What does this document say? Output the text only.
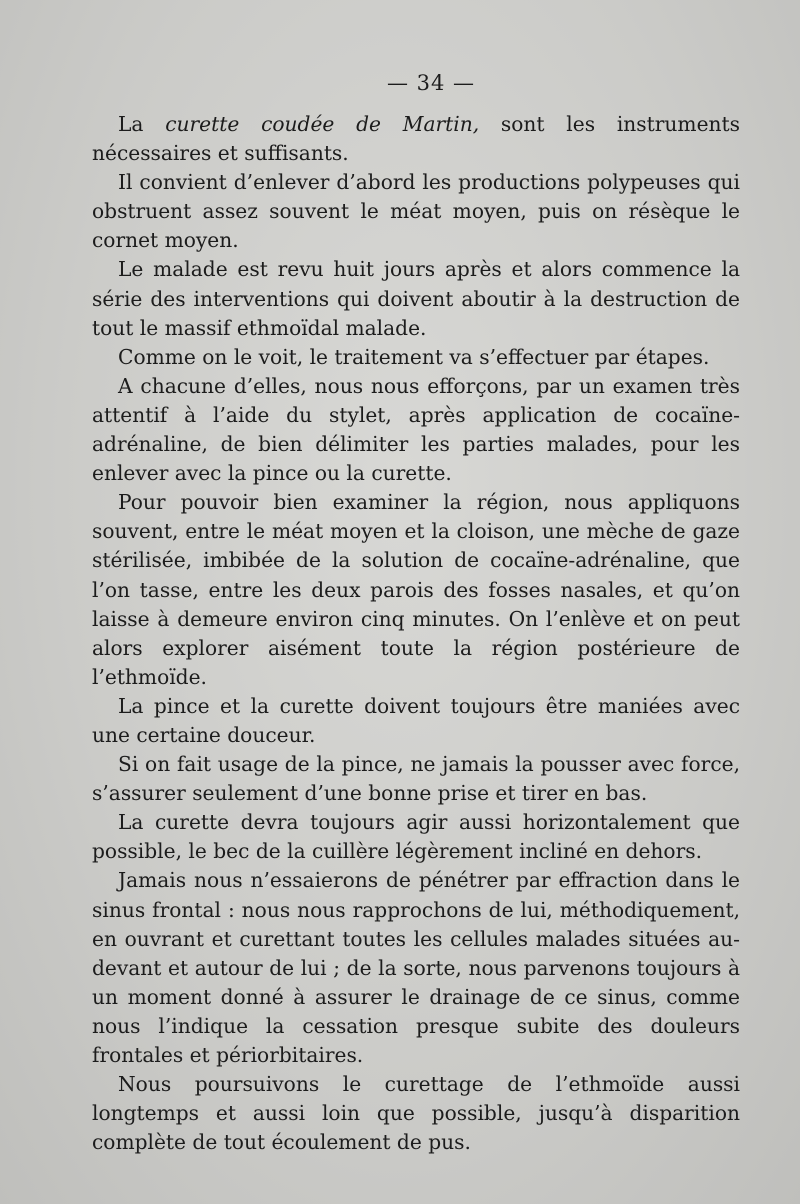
— 34 —

La curette coudée de Martin, sont les instruments nécessaires et suffisants.

Il convient d’enlever d’abord les productions polypeuses qui obstruent assez souvent le méat moyen, puis on résèque le cornet moyen.

Le malade est revu huit jours après et alors commence la série des interventions qui doivent aboutir à la destruction de tout le massif ethmoïdal malade.

Comme on le voit, le traitement va s’effectuer par étapes.

A chacune d’elles, nous nous efforçons, par un examen très attentif à l’aide du stylet, après application de cocaïne-adrénaline, de bien délimiter les parties malades, pour les enlever avec la pince ou la curette.

Pour pouvoir bien examiner la région, nous appliquons souvent, entre le méat moyen et la cloison, une mèche de gaze stérilisée, imbibée de la solution de cocaïne-adrénaline, que l’on tasse, entre les deux parois des fosses nasales, et qu’on laisse à demeure environ cinq minutes. On l’enlève et on peut alors explorer aisément toute la région postérieure de l’ethmoïde.

La pince et la curette doivent toujours être maniées avec une certaine douceur.

Si on fait usage de la pince, ne jamais la pousser avec force, s’assurer seulement d’une bonne prise et tirer en bas.

La curette devra toujours agir aussi horizontalement que possible, le bec de la cuillère légèrement incliné en dehors.

Jamais nous n’essaierons de pénétrer par effraction dans le sinus frontal : nous nous rapprochons de lui, méthodiquement, en ouvrant et curettant toutes les cellules malades situées au-devant et autour de lui ; de la sorte, nous parvenons toujours à un moment donné à assurer le drainage de ce sinus, comme nous l’indique la cessation presque subite des douleurs frontales et périorbitaires.

Nous poursuivons le curettage de l’ethmoïde aussi longtemps et aussi loin que possible, jusqu’à disparition complète de tout écoulement de pus.
